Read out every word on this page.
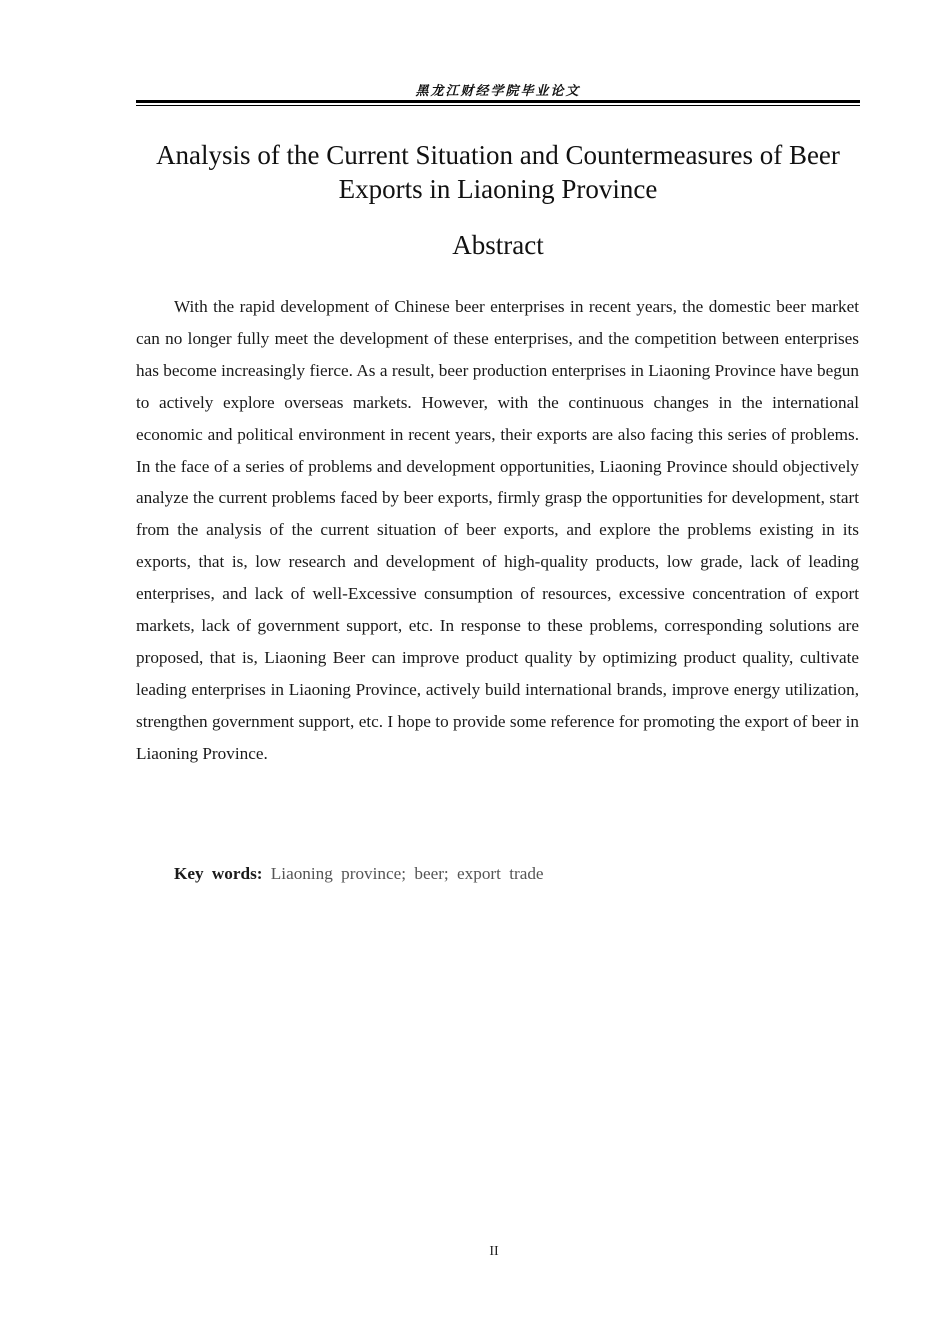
黑龙江财经学院毕业论文
Analysis of the Current Situation and Countermeasures of Beer Exports in Liaoning Province
Abstract

With the rapid development of Chinese beer enterprises in recent years, the domestic beer market can no longer fully meet the development of these enterprises, and the competition between enterprises has become increasingly fierce. As a result, beer production enterprises in Liaoning Province have begun to actively explore overseas markets. However, with the continuous changes in the international economic and political environment in recent years, their exports are also facing this series of problems. In the face of a series of problems and development opportunities, Liaoning Province should objectively analyze the current problems faced by beer exports, firmly grasp the opportunities for development, start from the analysis of the current situation of beer exports, and explore the problems existing in its exports, that is, low research and development of high-quality products, low grade, lack of leading enterprises, and lack of well-Excessive consumption of resources, excessive concentration of export markets, lack of government support, etc. In response to these problems, corresponding solutions are proposed, that is, Liaoning Beer can improve product quality by optimizing product quality, cultivate leading enterprises in Liaoning Province, actively build international brands, improve energy utilization, strengthen government support, etc. I hope to provide some reference for promoting the export of beer in Liaoning Province.

Key words: Liaoning province; beer; export trade
II
